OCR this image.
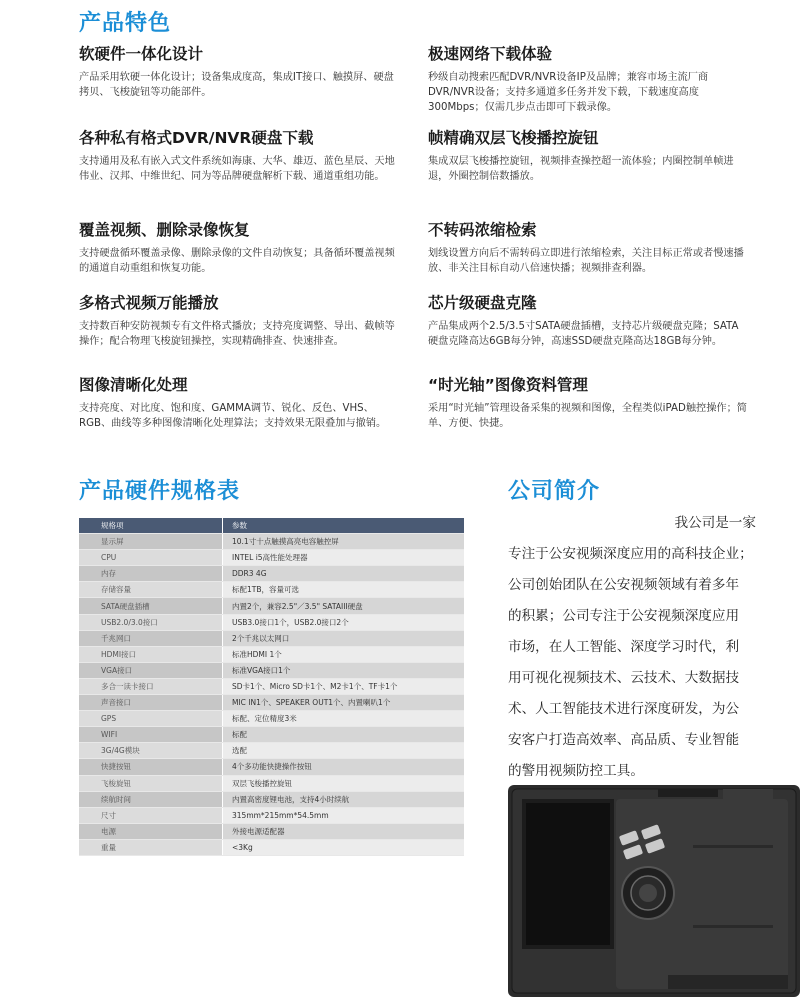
产品特色
软硬件一体化设计

产品采用软硬一体化设计；设备集成度高，集成IT接口、触摸屏、硬盘拷贝、飞梭旋钮等功能部件。

极速网络下载体验

秒级自动搜索匹配DVR/NVR设备IP及品牌；兼容市场主流厂商DVR/NVR设备；支持多通道多任务并发下载，下载速度高度300Mbps；仅需几步点击即可下载录像。

各种私有格式DVR/NVR硬盘下载

支持通用及私有嵌入式文件系统如海康、大华、雄迈、蓝色星辰、天地伟业、汉邦、中维世纪、同为等品牌硬盘解析下载、通道重组功能。

帧精确双层飞梭播控旋钮

集成双层飞梭播控旋钮，视频排查操控超一流体验；内圈控制单帧进退，外圈控制倍数播放。

覆盖视频、删除录像恢复

支持硬盘循环覆盖录像、删除录像的文件自动恢复；具备循环覆盖视频的通道自动重组和恢复功能。

不转码浓缩检索

划线设置方向后不需转码立即进行浓缩检索，关注目标正常或者慢速播放、非关注目标自动八倍速快播；视频排查利器。

多格式视频万能播放

支持数百种安防视频专有文件格式播放；支持亮度调整、导出、截帧等操作；配合物理飞梭旋钮操控，实现精确排查、快速排查。

芯片级硬盘克隆

产品集成两个2.5/3.5寸SATA硬盘插槽，支持芯片级硬盘克隆；SATA硬盘克隆高达6GB每分钟，高速SSD硬盘克隆高达18GB每分钟。

图像清晰化处理

支持亮度、对比度、饱和度、GAMMA调节、锐化、反色、VHS、RGB、曲线等多种图像清晰化处理算法；支持效果无限叠加与撤销。

“时光轴”图像资料管理

采用“时光轴”管理设备采集的视频和图像，全程类似iPAD触控操作；简单、方便、快捷。

产品硬件规格表
规格项	参数
显示屏	10.1寸十点触摸高亮电容触控屏
CPU	INTEL i5高性能处理器
内存	DDR3 4G
存储容量	标配1TB，容量可选
SATA硬盘插槽	内置2个，兼容2.5"／3.5" SATAIII硬盘
USB2.0/3.0接口	USB3.0接口1个，USB2.0接口2个
千兆网口	2个千兆以太网口
HDMI接口	标准HDMI 1个
VGA接口	标准VGA接口1个
多合一读卡接口	SD卡1个、Micro SD卡1个、M2卡1个、TF卡1个
声音接口	MIC IN1个、SPEAKER OUT1个、内置喇叭1个
GPS	标配、定位精度3米
WIFI	标配
3G/4G模块	选配
快捷按钮	4个多功能快捷操作按钮
飞梭旋钮	双层飞梭播控旋钮
续航时间	内置高密度锂电池，支持4小时续航
尺寸	315mm*215mm*54.5mm
电源	外接电源适配器
重量	<3Kg
公司简介
我公司是一家
专注于公安视频深度应用的高科技企业；
公司创始团队在公安视频领域有着多年
的积累；公司专注于公安视频深度应用
市场，在人工智能、深度学习时代，利
用可视化视频技术、云技术、大数据技
术、人工智能技术进行深度研发，为公
安客户打造高效率、高品质、专业智能
的警用视频防控工具。
